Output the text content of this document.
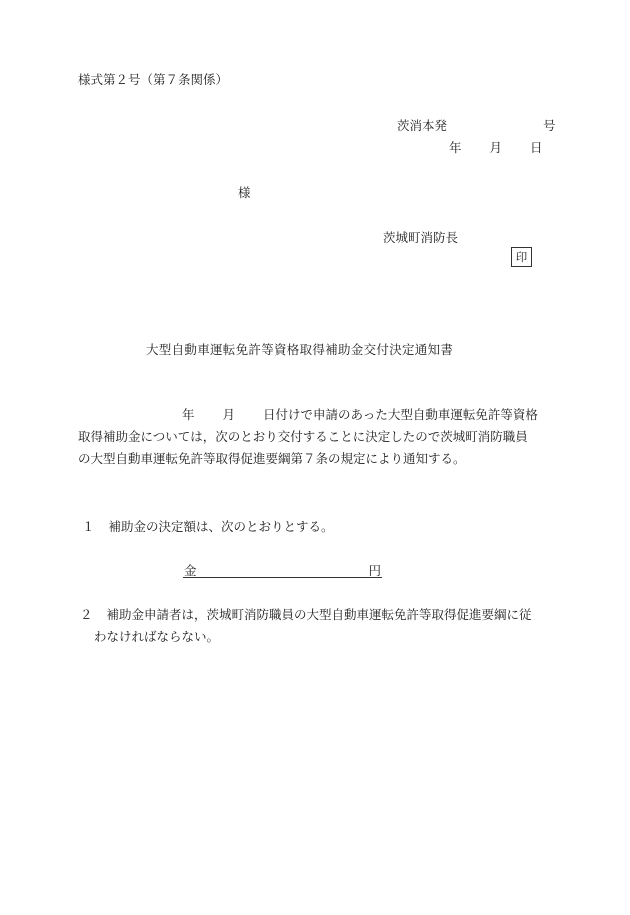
様式第２号（第７条関係）
茨消本発	号
年 月 日
様
茨城町消防長
印
大型自動車運転免許等資格取得補助金交付決定通知書
年 月 日付けで申請のあった大型自動車運転免許等資格
取得補助金については，次のとおり交付することに決定したので茨城町消防職員
の大型自動車運転免許等取得促進要綱第７条の規定により通知する。
１ 補助金の決定額は、次のとおりとする。
金	円
２ 補助金申請者は，茨城町消防職員の大型自動車運転免許等取得促進要綱に従
わなければならない。
